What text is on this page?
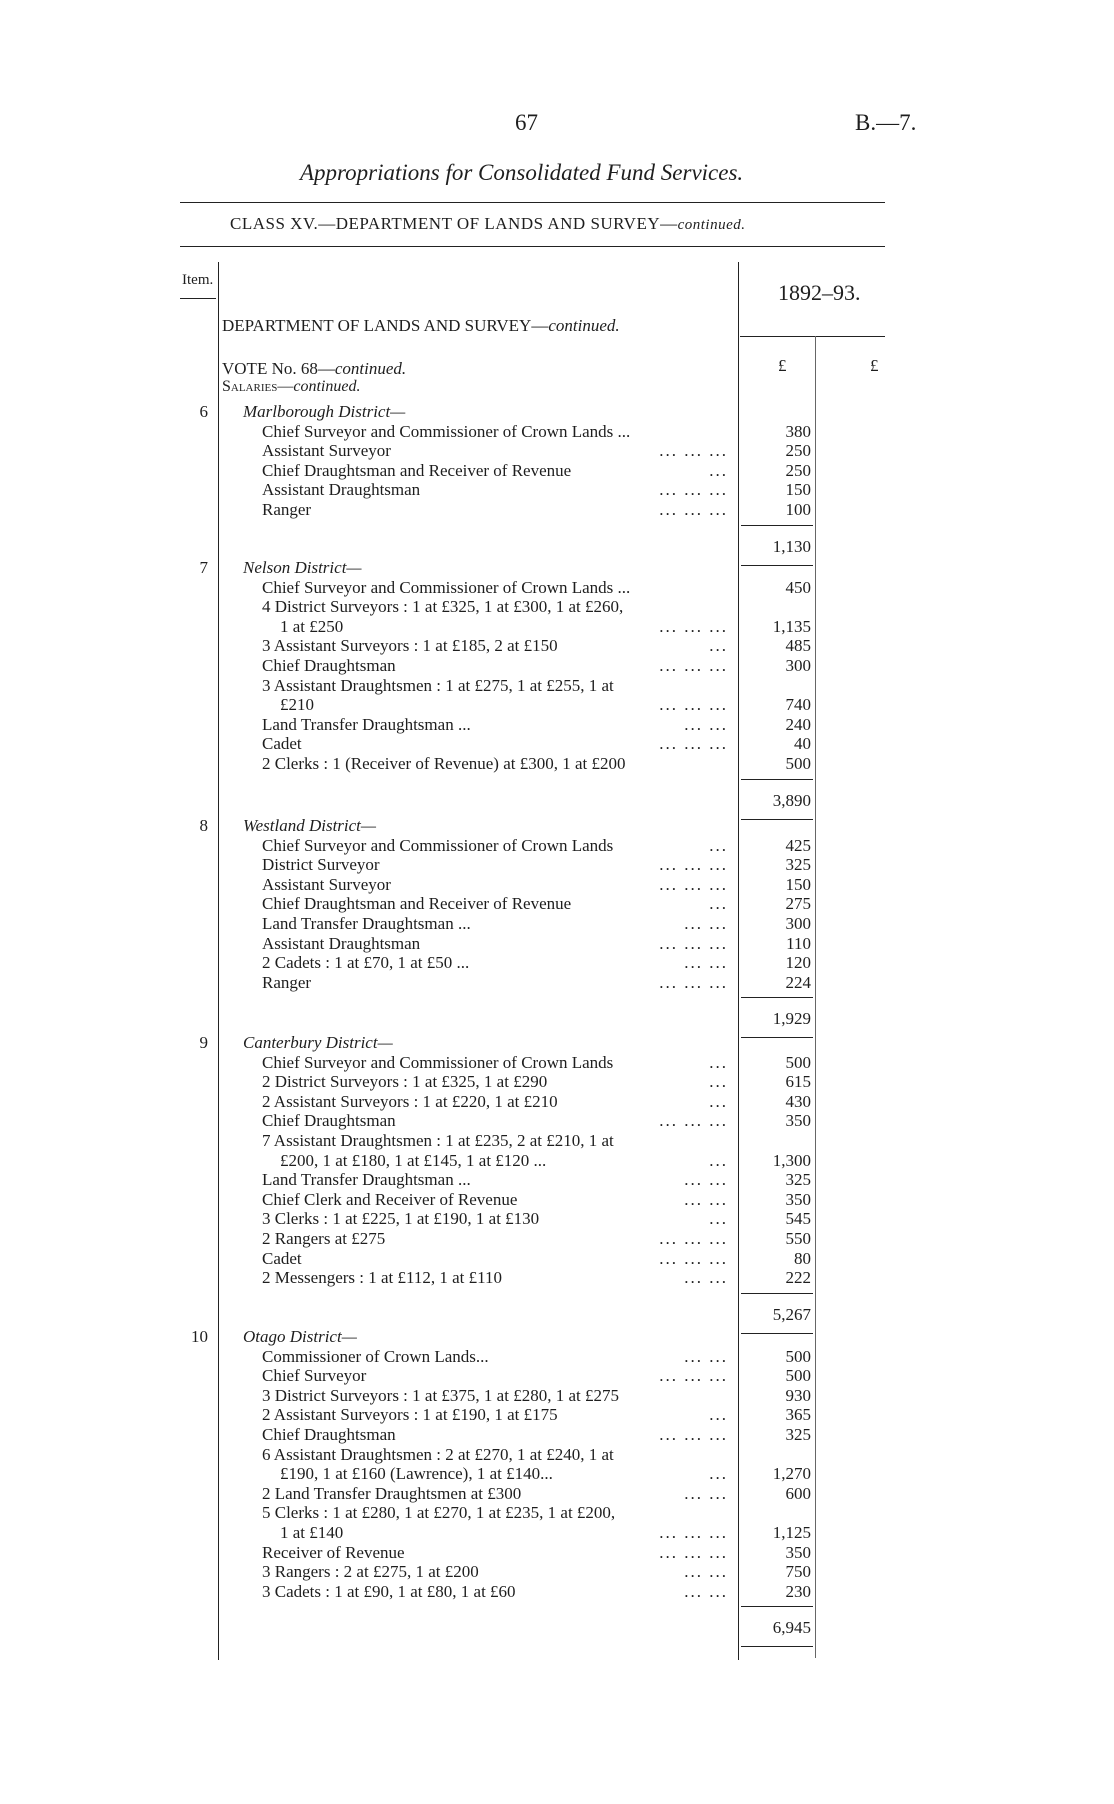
67	B.—7.
Appropriations for Consolidated Fund Services.
CLASS XV.—DEPARTMENT OF LANDS AND SURVEY—continued.
Item.	1892–93.
DEPARTMENT OF LANDS AND SURVEY—continued.
VOTE No. 68—continued.
Salaries—continued.
£	£
6 Marlborough District—
Chief Surveyor and Commissioner of Crown Lands ...	380
Assistant Surveyor	... ... ...	250
Chief Draughtsman and Receiver of Revenue	...	250
Assistant Draughtsman	... ... ...	150
Ranger	... ... ...	100
1,130
7 Nelson District—
Chief Surveyor and Commissioner of Crown Lands ...	450
4 District Surveyors : 1 at £325, 1 at £300, 1 at £260,
1 at £250	... ... ...	1,135
3 Assistant Surveyors : 1 at £185, 2 at £150	...	485
Chief Draughtsman	... ... ...	300
3 Assistant Draughtsmen : 1 at £275, 1 at £255, 1 at
£210	... ... ...	740
Land Transfer Draughtsman ...	... ...	240
Cadet	... ... ...	40
2 Clerks : 1 (Receiver of Revenue) at £300, 1 at £200	500
3,890
8 Westland District—
Chief Surveyor and Commissioner of Crown Lands	...	425
District Surveyor	... ... ...	325
Assistant Surveyor	... ... ...	150
Chief Draughtsman and Receiver of Revenue	...	275
Land Transfer Draughtsman ...	... ...	300
Assistant Draughtsman	... ... ...	110
2 Cadets : 1 at £70, 1 at £50 ...	... ...	120
Ranger	... ... ...	224
1,929
9 Canterbury District—
Chief Surveyor and Commissioner of Crown Lands	...	500
2 District Surveyors : 1 at £325, 1 at £290	...	615
2 Assistant Surveyors : 1 at £220, 1 at £210	...	430
Chief Draughtsman	... ... ...	350
7 Assistant Draughtsmen : 1 at £235, 2 at £210, 1 at
£200, 1 at £180, 1 at £145, 1 at £120 ...	...	1,300
Land Transfer Draughtsman ...	... ...	325
Chief Clerk and Receiver of Revenue	... ...	350
3 Clerks : 1 at £225, 1 at £190, 1 at £130	...	545
2 Rangers at £275	... ... ...	550
Cadet	... ... ...	80
2 Messengers : 1 at £112, 1 at £110	... ...	222
5,267
10 Otago District—
Commissioner of Crown Lands...	... ...	500
Chief Surveyor	... ... ...	500
3 District Surveyors : 1 at £375, 1 at £280, 1 at £275	930
2 Assistant Surveyors : 1 at £190, 1 at £175	...	365
Chief Draughtsman	... ... ...	325
6 Assistant Draughtsmen : 2 at £270, 1 at £240, 1 at
£190, 1 at £160 (Lawrence), 1 at £140...	...	1,270
2 Land Transfer Draughtsmen at £300	... ...	600
5 Clerks : 1 at £280, 1 at £270, 1 at £235, 1 at £200,
1 at £140	... ... ...	1,125
Receiver of Revenue	... ... ...	350
3 Rangers : 2 at £275, 1 at £200	... ...	750
3 Cadets : 1 at £90, 1 at £80, 1 at £60	... ...	230
6,945
